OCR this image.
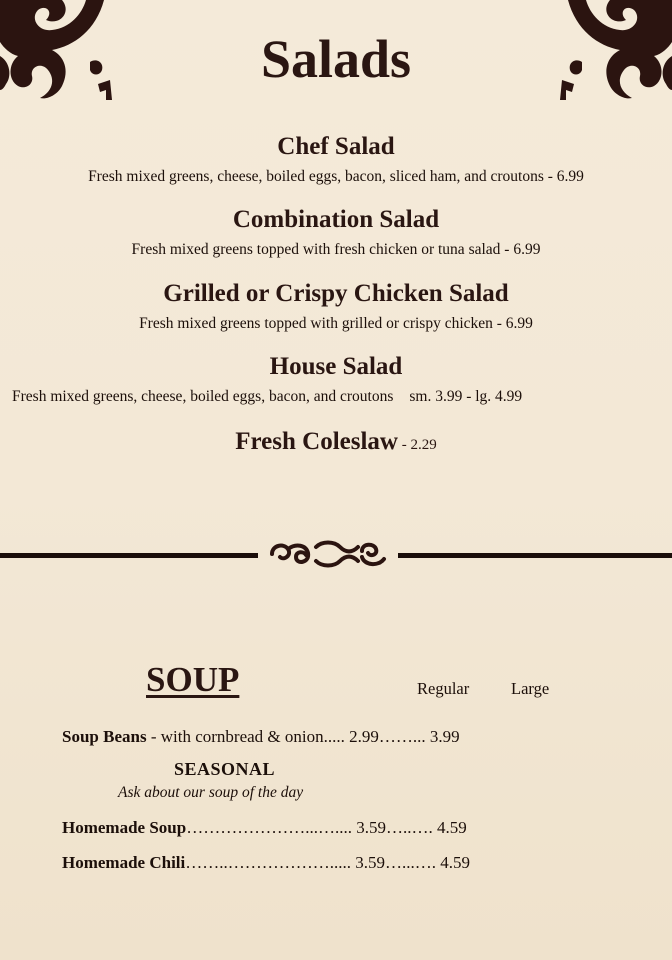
Salads
Chef Salad
Fresh mixed greens, cheese, boiled eggs, bacon, sliced ham, and croutons - 6.99
Combination Salad
Fresh mixed greens topped with fresh chicken or tuna salad - 6.99
Grilled or Crispy Chicken Salad
Fresh mixed greens topped with grilled or crispy chicken - 6.99
House Salad
Fresh mixed greens, cheese, boiled eggs, bacon, and croutons sm. 3.99 - lg. 4.99
Fresh Coleslaw - 2.29
SOUP	Regular	Large
Soup Beans - with cornbread & onion..... 2.99……... 3.99
SEASONAL
Ask about our soup of the day
Homemade Soup…………………...….... 3.59…..…. 4.59
Homemade Chili……..………………..... 3.59…...…. 4.59
